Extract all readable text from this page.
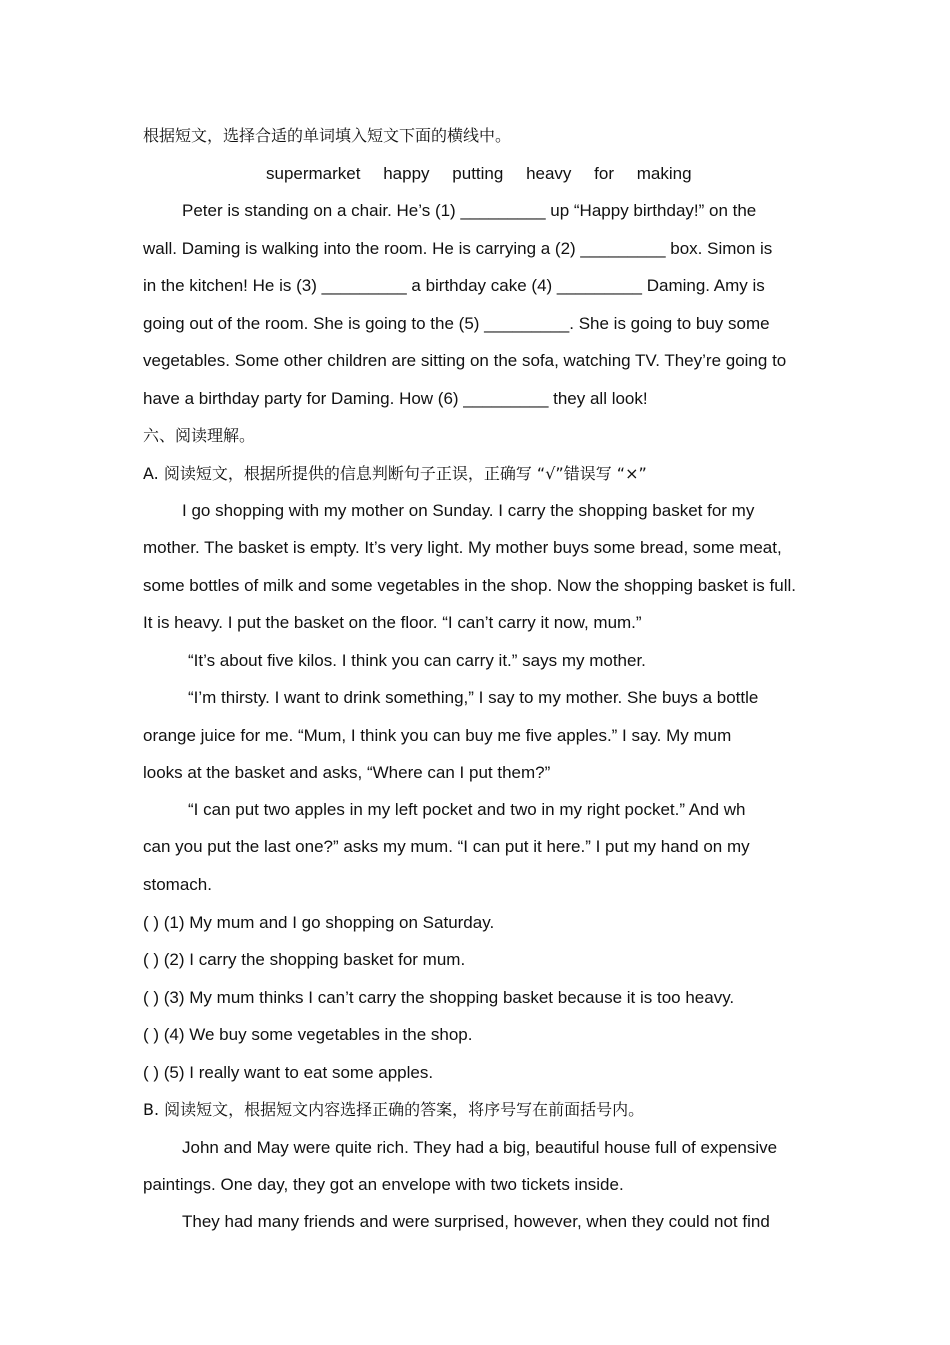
根据短文，选择合适的单词填入短文下面的横线中。
supermarket happy putting heavy for making
Peter is standing on a chair. He’s (1) _________ up “Happy birthday!” on the
wall. Daming is walking into the room. He is carrying a (2) _________ box. Simon is
in the kitchen! He is (3) _________ a birthday cake (4) _________ Daming. Amy is
going out of the room. She is going to the (5) _________. She is going to buy some
vegetables. Some other children are sitting on the sofa, watching TV. They’re going to
have a birthday party for Daming. How (6) _________ they all look!
六、阅读理解。
A. 阅读短文，根据所提供的信息判断句子正误，正确写 “√”错误写 “×”
I go shopping with my mother on Sunday. I carry the shopping basket for my
mother. The basket is empty. It’s very light. My mother buys some bread, some meat,
some bottles of milk and some vegetables in the shop. Now the shopping basket is full.
It is heavy. I put the basket on the floor. “I can’t carry it now, mum.”
“It’s about five kilos. I think you can carry it.” says my mother.
“I’m thirsty. I want to drink something,” I say to my mother. She buys a bottle
orange juice for me. “Mum, I think you can buy me five apples.” I say. My mum
looks at the basket and asks, “Where can I put them?”
“I can put two apples in my left pocket and two in my right pocket.” And wh
can you put the last one?” asks my mum. “I can put it here.” I put my hand on my
stomach.
( ) (1) My mum and I go shopping on Saturday.
( ) (2) I carry the shopping basket for mum.
( ) (3) My mum thinks I can’t carry the shopping basket because it is too heavy.
( ) (4) We buy some vegetables in the shop.
( ) (5) I really want to eat some apples.
B. 阅读短文，根据短文内容选择正确的答案，将序号写在前面括号内。
John and May were quite rich. They had a big, beautiful house full of expensive
paintings. One day, they got an envelope with two tickets inside.
They had many friends and were surprised, however, when they could not find
